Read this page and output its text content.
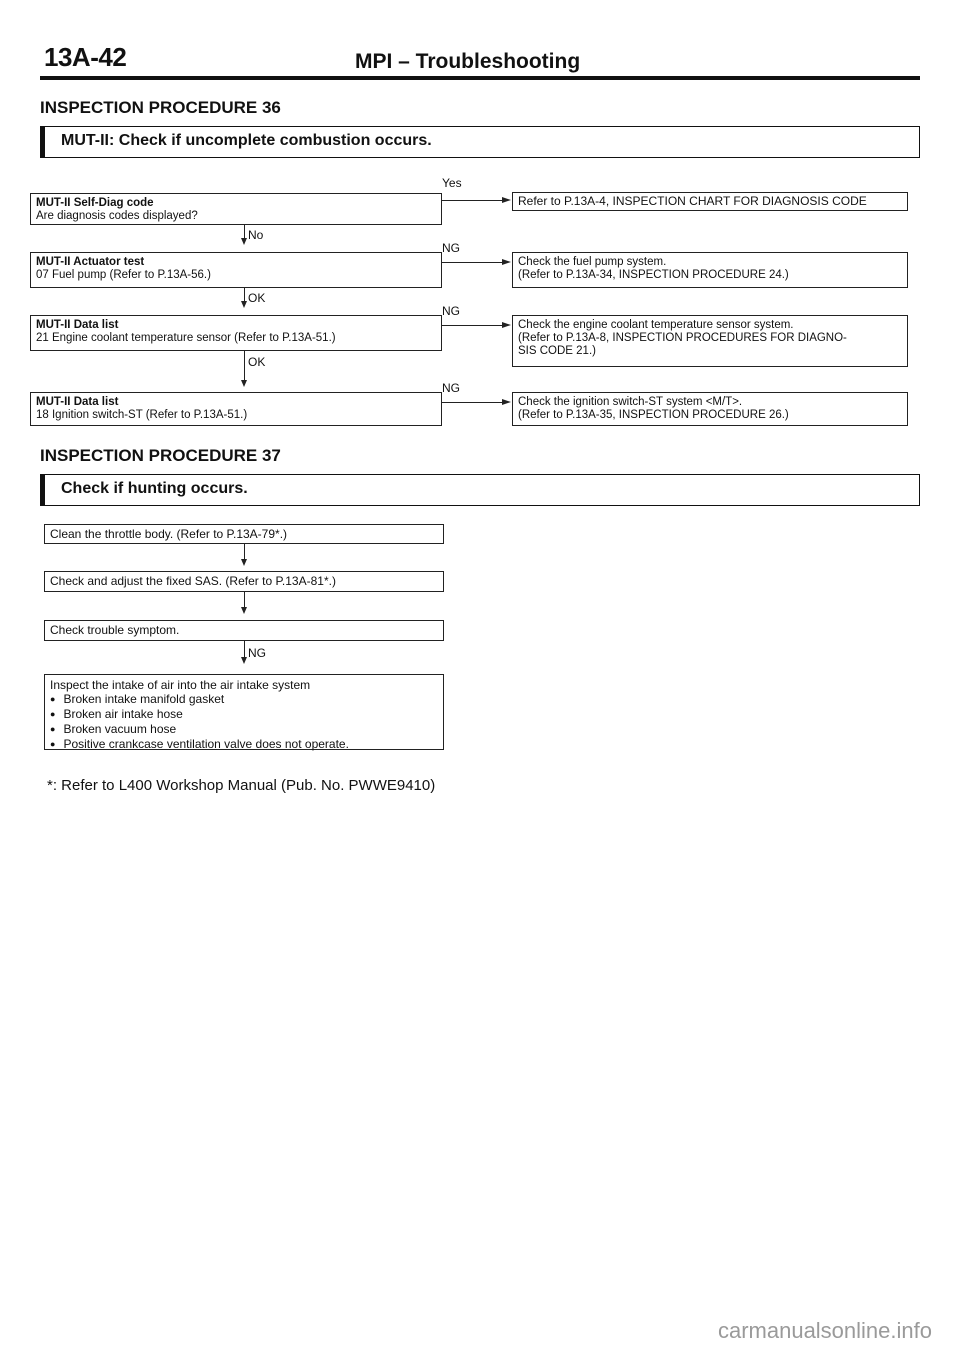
13A-42	MPI – Troubleshooting
INSPECTION PROCEDURE 36
MUT-II: Check if uncomplete combustion occurs.
MUT-II Self-Diag code
Are diagnosis codes displayed?
Yes
Refer to P.13A-4, INSPECTION CHART FOR DIAGNOSIS CODE
No
MUT-II Actuator test
07 Fuel pump (Refer to P.13A-56.)
NG
Check the fuel pump system.
(Refer to P.13A-34, INSPECTION PROCEDURE 24.)
OK
MUT-II Data list
21 Engine coolant temperature sensor (Refer to P.13A-51.)
NG
Check the engine coolant temperature sensor system.
(Refer to P.13A-8, INSPECTION PROCEDURES FOR DIAGNO-
SIS CODE 21.)
OK
MUT-II Data list
18 Ignition switch-ST (Refer to P.13A-51.)
NG
Check the ignition switch-ST system <M/T>.
(Refer to P.13A-35, INSPECTION PROCEDURE 26.)
INSPECTION PROCEDURE 37
Check if hunting occurs.
Clean the throttle body. (Refer to P.13A-79*.)
Check and adjust the fixed SAS. (Refer to P.13A-81*.)
Check trouble symptom.
NG
Inspect the intake of air into the air intake system
● Broken intake manifold gasket
● Broken air intake hose
● Broken vacuum hose
● Positive crankcase ventilation valve does not operate.
*: Refer to L400 Workshop Manual (Pub. No. PWWE9410)
carmanualsonline.info
